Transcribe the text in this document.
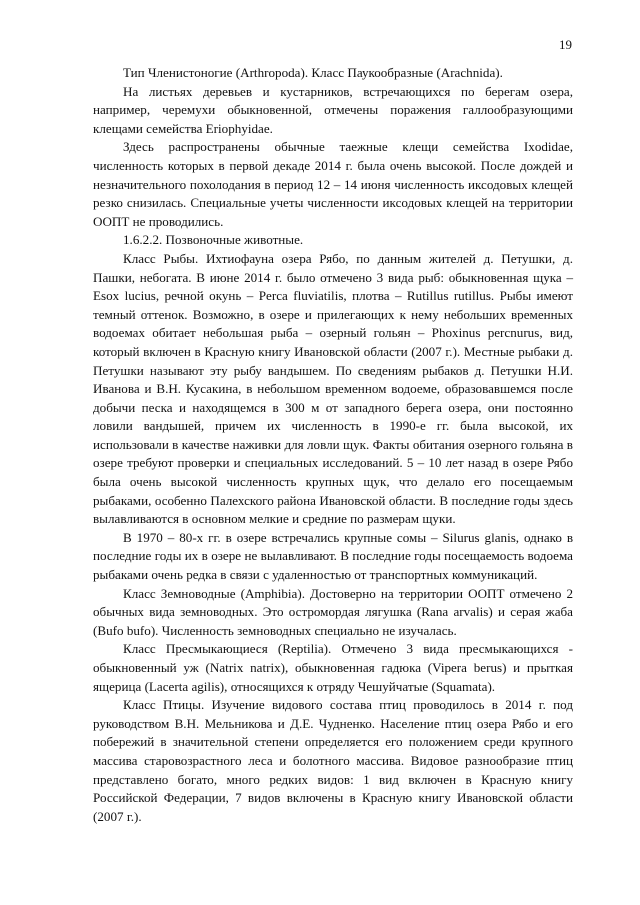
19

Тип Членистоногие (Arthropoda). Класс Паукообразные (Arachnida).

На листьях деревьев и кустарников, встречающихся по берегам озера, например, черемухи обыкновенной, отмечены поражения галлообразующими клещами семейства Eriophyidae.

Здесь распространены обычные таежные клещи семейства Ixodidae, численность которых в первой декаде 2014 г. была очень высокой. После дождей и незначительного похолодания в период 12 – 14 июня численность иксодовых клещей резко снизилась. Специальные учеты численности иксодовых клещей на территории ООПТ не проводились.

1.6.2.2. Позвоночные животные.

Класс Рыбы. Ихтиофауна озера Рябо, по данным жителей д. Петушки, д. Пашки, небогата. В июне 2014 г. было отмечено 3 вида рыб: обыкновенная щука – Esox lucius, речной окунь – Perca fluviatilis, плотва – Rutillus rutillus. Рыбы имеют темный оттенок. Возможно, в озере и прилегающих к нему небольших временных водоемах обитает небольшая рыба – озерный гольян – Phoxinus percnurus, вид, который включен в Красную книгу Ивановской области (2007 г.). Местные рыбаки д. Петушки называют эту рыбу вандышем. По сведениям рыбаков д. Петушки Н.И. Иванова и В.Н. Кусакина, в небольшом временном водоеме, образовавшемся после добычи песка и находящемся в 300 м от западного берега озера, они постоянно ловили вандышей, причем их численность в 1990-е гг. была высокой, их использовали в качестве наживки для ловли щук. Факты обитания озерного гольяна в озере требуют проверки и специальных исследований. 5 – 10 лет назад в озере Рябо была очень высокой численность крупных щук, что делало его посещаемым рыбаками, особенно Палехского района Ивановской области. В последние годы здесь вылавливаются в основном мелкие и средние по размерам щуки.

В 1970 – 80-х гг. в озере встречались крупные сомы – Silurus glanis, однако в последние годы их в озере не вылавливают. В последние годы посещаемость водоема рыбаками очень редка в связи с удаленностью от транспортных коммуникаций.

Класс Земноводные (Amphibia). Достоверно на территории ООПТ отмечено 2 обычных вида земноводных. Это остромордая лягушка (Rana arvalis) и серая жаба (Bufo bufo). Численность земноводных специально не изучалась.

Класс Пресмыкающиеся (Reptilia). Отмечено 3 вида пресмыкающихся - обыкновенный уж (Natrix natrix), обыкновенная гадюка (Vipera berus) и прыткая ящерица (Lacerta agilis), относящихся к отряду Чешуйчатые (Squamata).

Класс Птицы. Изучение видового состава птиц проводилось в 2014 г. под руководством В.Н. Мельникова и Д.Е. Чудненко. Население птиц озера Рябо и его побережий в значительной степени определяется его положением среди крупного массива старовозрастного леса и болотного массива. Видовое разнообразие птиц представлено богато, много редких видов: 1 вид включен в Красную книгу Российской Федерации, 7 видов включены в Красную книгу Ивановской области (2007 г.).
